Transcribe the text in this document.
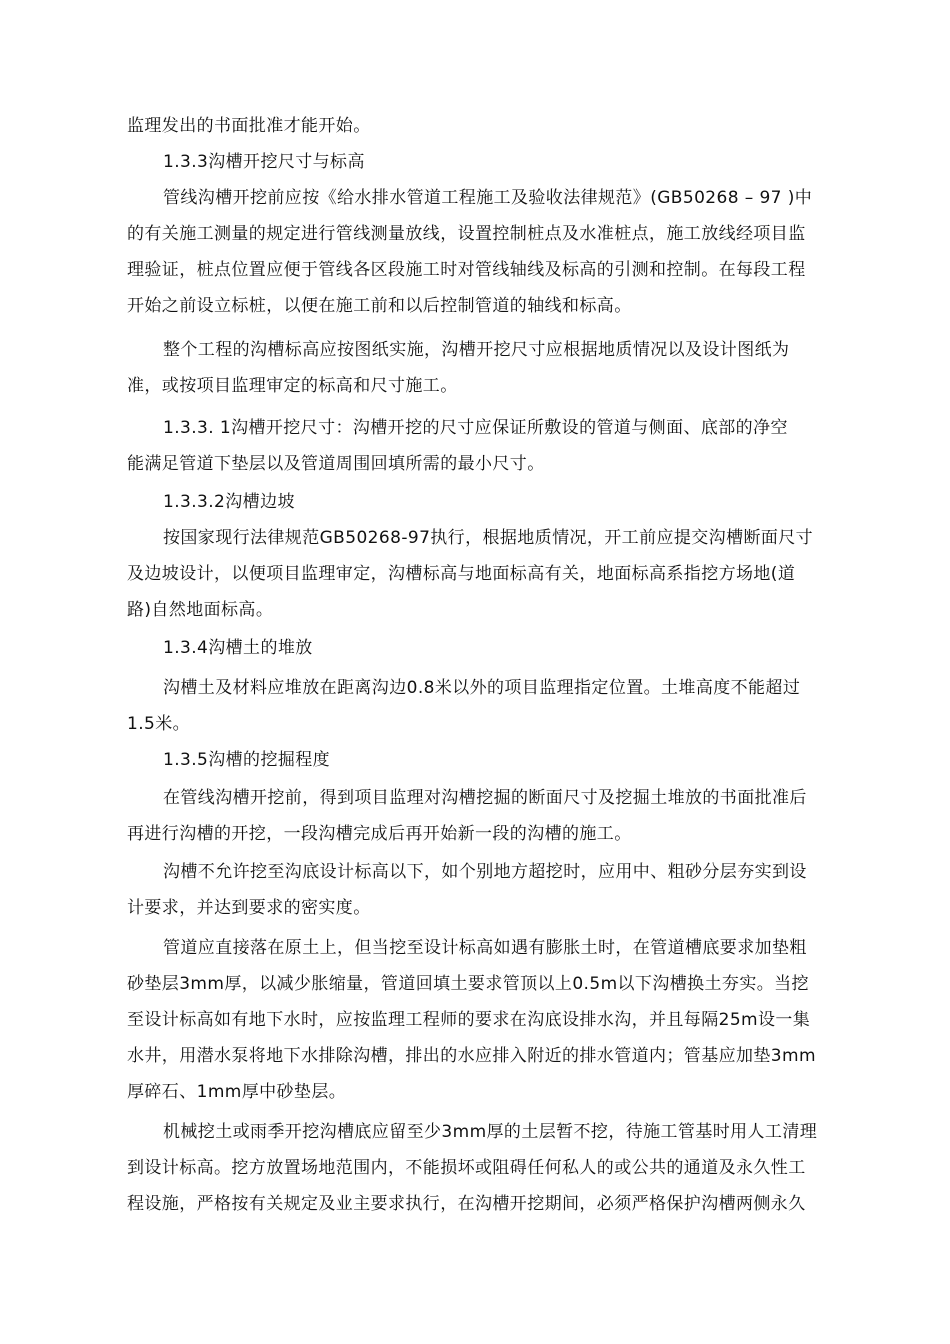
监理发出的书面批准才能开始。
1.3.3沟槽开挖尺寸与标高
管线沟槽开挖前应按《给水排水管道工程施工及验收法律规范》(GB50268 – 97 )中
的有关施工测量的规定进行管线测量放线，设置控制桩点及水准桩点，施工放线经项目监
理验证，桩点位置应便于管线各区段施工时对管线轴线及标高的引测和控制。在每段工程
开始之前设立标桩，以便在施工前和以后控制管道的轴线和标高。
整个工程的沟槽标高应按图纸实施，沟槽开挖尺寸应根据地质情况以及设计图纸为
准，或按项目监理审定的标高和尺寸施工。
1.3.3. 1沟槽开挖尺寸：沟槽开挖的尺寸应保证所敷设的管道与侧面、底部的净空
能满足管道下垫层以及管道周围回填所需的最小尺寸。
1.3.3.2沟槽边坡
按国家现行法律规范GB50268-97执行，根据地质情况，开工前应提交沟槽断面尺寸
及边坡设计，以便项目监理审定，沟槽标高与地面标高有关，地面标高系指挖方场地(道
路)自然地面标高。
1.3.4沟槽土的堆放
沟槽土及材料应堆放在距离沟边0.8米以外的项目监理指定位置。土堆高度不能超过
1.5米。
1.3.5沟槽的挖掘程度
在管线沟槽开挖前，得到项目监理对沟槽挖掘的断面尺寸及挖掘土堆放的书面批准后
再进行沟槽的开挖，一段沟槽完成后再开始新一段的沟槽的施工。
沟槽不允许挖至沟底设计标高以下，如个别地方超挖时，应用中、粗砂分层夯实到设
计要求，并达到要求的密实度。
管道应直接落在原土上，但当挖至设计标高如遇有膨胀土时，在管道槽底要求加垫粗
砂垫层3mm厚，以减少胀缩量，管道回填土要求管顶以上0.5m以下沟槽换土夯实。当挖
至设计标高如有地下水时，应按监理工程师的要求在沟底设排水沟，并且每隔25m设一集
水井，用潜水泵将地下水排除沟槽，排出的水应排入附近的排水管道内；管基应加垫3mm
厚碎石、1mm厚中砂垫层。
机械挖土或雨季开挖沟槽底应留至少3mm厚的土层暂不挖，待施工管基时用人工清理
到设计标高。挖方放置场地范围内，不能损坏或阻碍任何私人的或公共的通道及永久性工
程设施，严格按有关规定及业主要求执行，在沟槽开挖期间，必须严格保护沟槽两侧永久
